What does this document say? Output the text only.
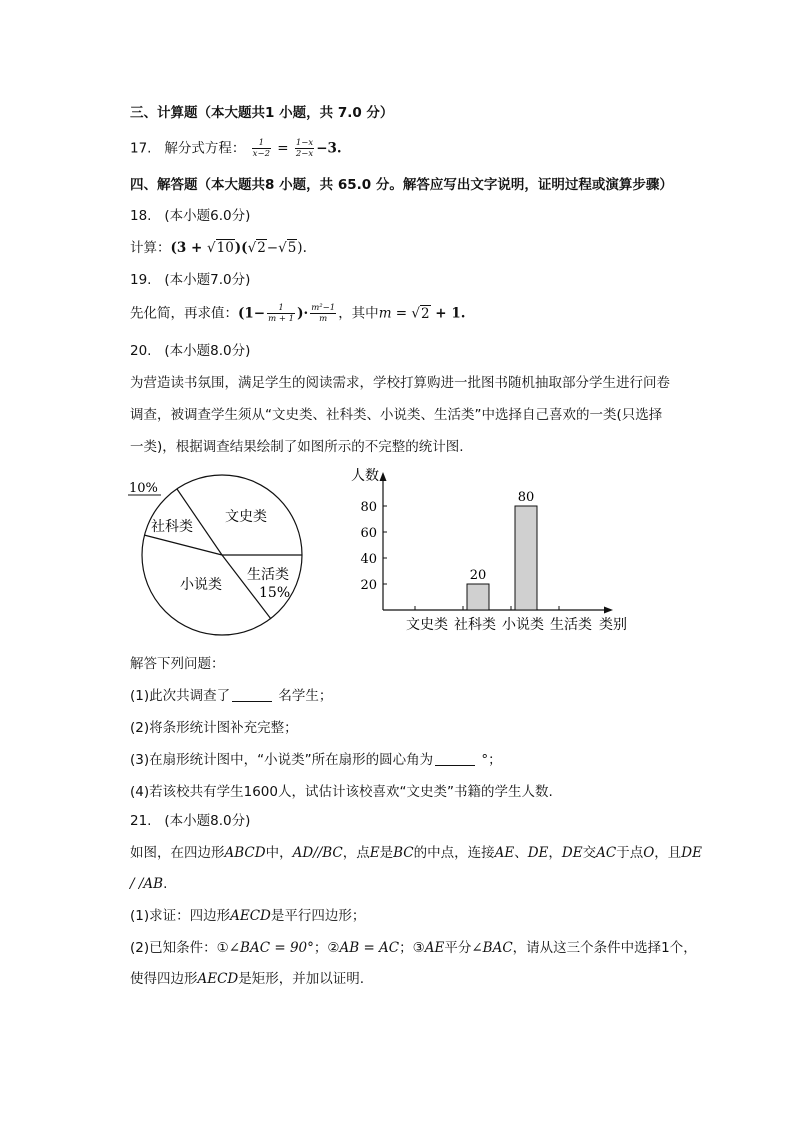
三、计算题（本大题共1 小题，共 7.0 分）
17. 解分式方程： $\frac{1}{x-2} = \frac{1-x}{2-x} -3$.
四、解答题（本大题共8 小题，共 65.0 分。解答应写出文字说明，证明过程或演算步骤）
18. (本小题6.0分)
计算：(3 + √10)(√2−√5).
19. (本小题7.0分)
先化简，再求值：($1- \frac{1}{m + 1}$ )· $\frac{\text{m²−1}}{m}$ ，其中m = √2 + 1.
20. (本小题8.0分)
为营造读书氛围，满足学生的阅读需求，学校打算购进一批图书随机抽取部分学生进行问卷
调查，被调查学生须从“文史类、社科类、小说类、生活类”中选择自己喜欢的一类(只选择
一类)，根据调查结果绘制了如图所示的不完整的统计图.
10%
文史类
社科类
小说类
生活类
15%
人数
类别
20
40
60
80
文史类 社科类
20
小说类
80
生活类
解答下列问题：
(1)此次共调查了	名学生；
(2)将条形统计图补充完整；
(3)在扇形统计图中，“小说类”所在扇形的圆心角为	°；
(4)若该校共有学生1600人，试估计该校喜欢“文史类”书籍的学生人数.
21. (本小题8.0分)
如图，在四边形ABCD中，AD//BC，点E是BC的中点，连接AE、DE，DE交AC于点O，且DE
/ /AB.
(1)求证：四边形AECD是平行四边形；
(2)已知条件：①∠BAC = 90°；②AB = AC；③AE平分∠BAC，请从这三个条件中选择1个，
使得四边形AECD是矩形，并加以证明.
